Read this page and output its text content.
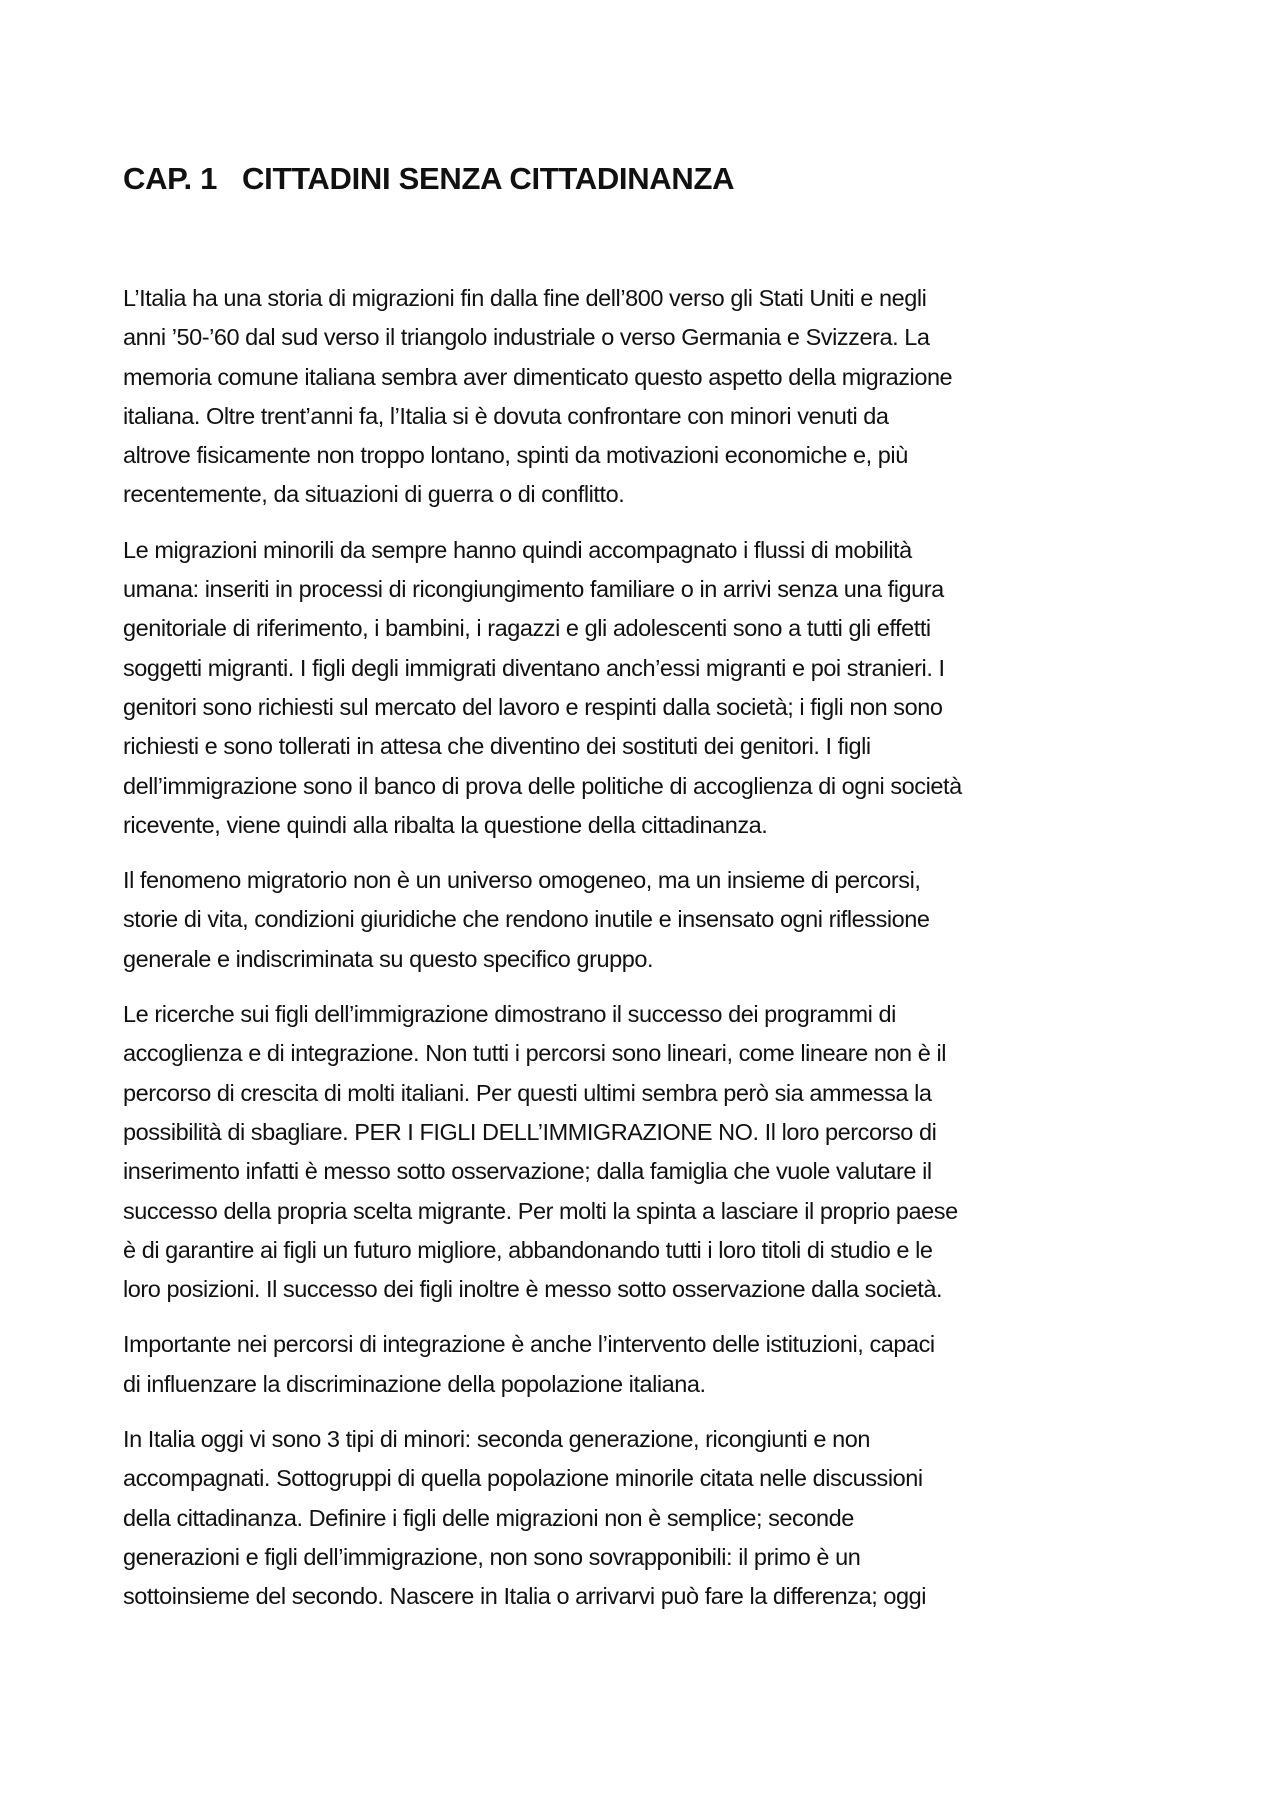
CAP. 1   CITTADINI SENZA CITTADINANZA

L’Italia ha una storia di migrazioni fin dalla fine dell’800 verso gli Stati Uniti e negli
anni ’50-’60 dal sud verso il triangolo industriale o verso Germania e Svizzera. La
memoria comune italiana sembra aver dimenticato questo aspetto della migrazione
italiana. Oltre trent’anni fa, l’Italia si è dovuta confrontare con minori venuti da
altrove fisicamente non troppo lontano, spinti da motivazioni economiche e, più
recentemente, da situazioni di guerra o di conflitto.

Le migrazioni minorili da sempre hanno quindi accompagnato i flussi di mobilità
umana: inseriti in processi di ricongiungimento familiare o in arrivi senza una figura
genitoriale di riferimento, i bambini, i ragazzi e gli adolescenti sono a tutti gli effetti
soggetti migranti. I figli degli immigrati diventano anch’essi migranti e poi stranieri. I
genitori sono richiesti sul mercato del lavoro e respinti dalla società; i figli non sono
richiesti e sono tollerati in attesa che diventino dei sostituti dei genitori. I figli
dell’immigrazione sono il banco di prova delle politiche di accoglienza di ogni società
ricevente, viene quindi alla ribalta la questione della cittadinanza.

Il fenomeno migratorio non è un universo omogeneo, ma un insieme di percorsi,
storie di vita, condizioni giuridiche che rendono inutile e insensato ogni riflessione
generale e indiscriminata su questo specifico gruppo.

Le ricerche sui figli dell’immigrazione dimostrano il successo dei programmi di
accoglienza e di integrazione. Non tutti i percorsi sono lineari, come lineare non è il
percorso di crescita di molti italiani. Per questi ultimi sembra però sia ammessa la
possibilità di sbagliare. PER I FIGLI DELL’IMMIGRAZIONE NO. Il loro percorso di
inserimento infatti è messo sotto osservazione; dalla famiglia che vuole valutare il
successo della propria scelta migrante. Per molti la spinta a lasciare il proprio paese
è di garantire ai figli un futuro migliore, abbandonando tutti i loro titoli di studio e le
loro posizioni. Il successo dei figli inoltre è messo sotto osservazione dalla società.

Importante nei percorsi di integrazione è anche l’intervento delle istituzioni, capaci
di influenzare la discriminazione della popolazione italiana.

In Italia oggi vi sono 3 tipi di minori: seconda generazione, ricongiunti e non
accompagnati. Sottogruppi di quella popolazione minorile citata nelle discussioni
della cittadinanza. Definire i figli delle migrazioni non è semplice; seconde
generazioni e figli dell’immigrazione, non sono sovrapponibili: il primo è un
sottoinsieme del secondo. Nascere in Italia o arrivarvi può fare la differenza; oggi
